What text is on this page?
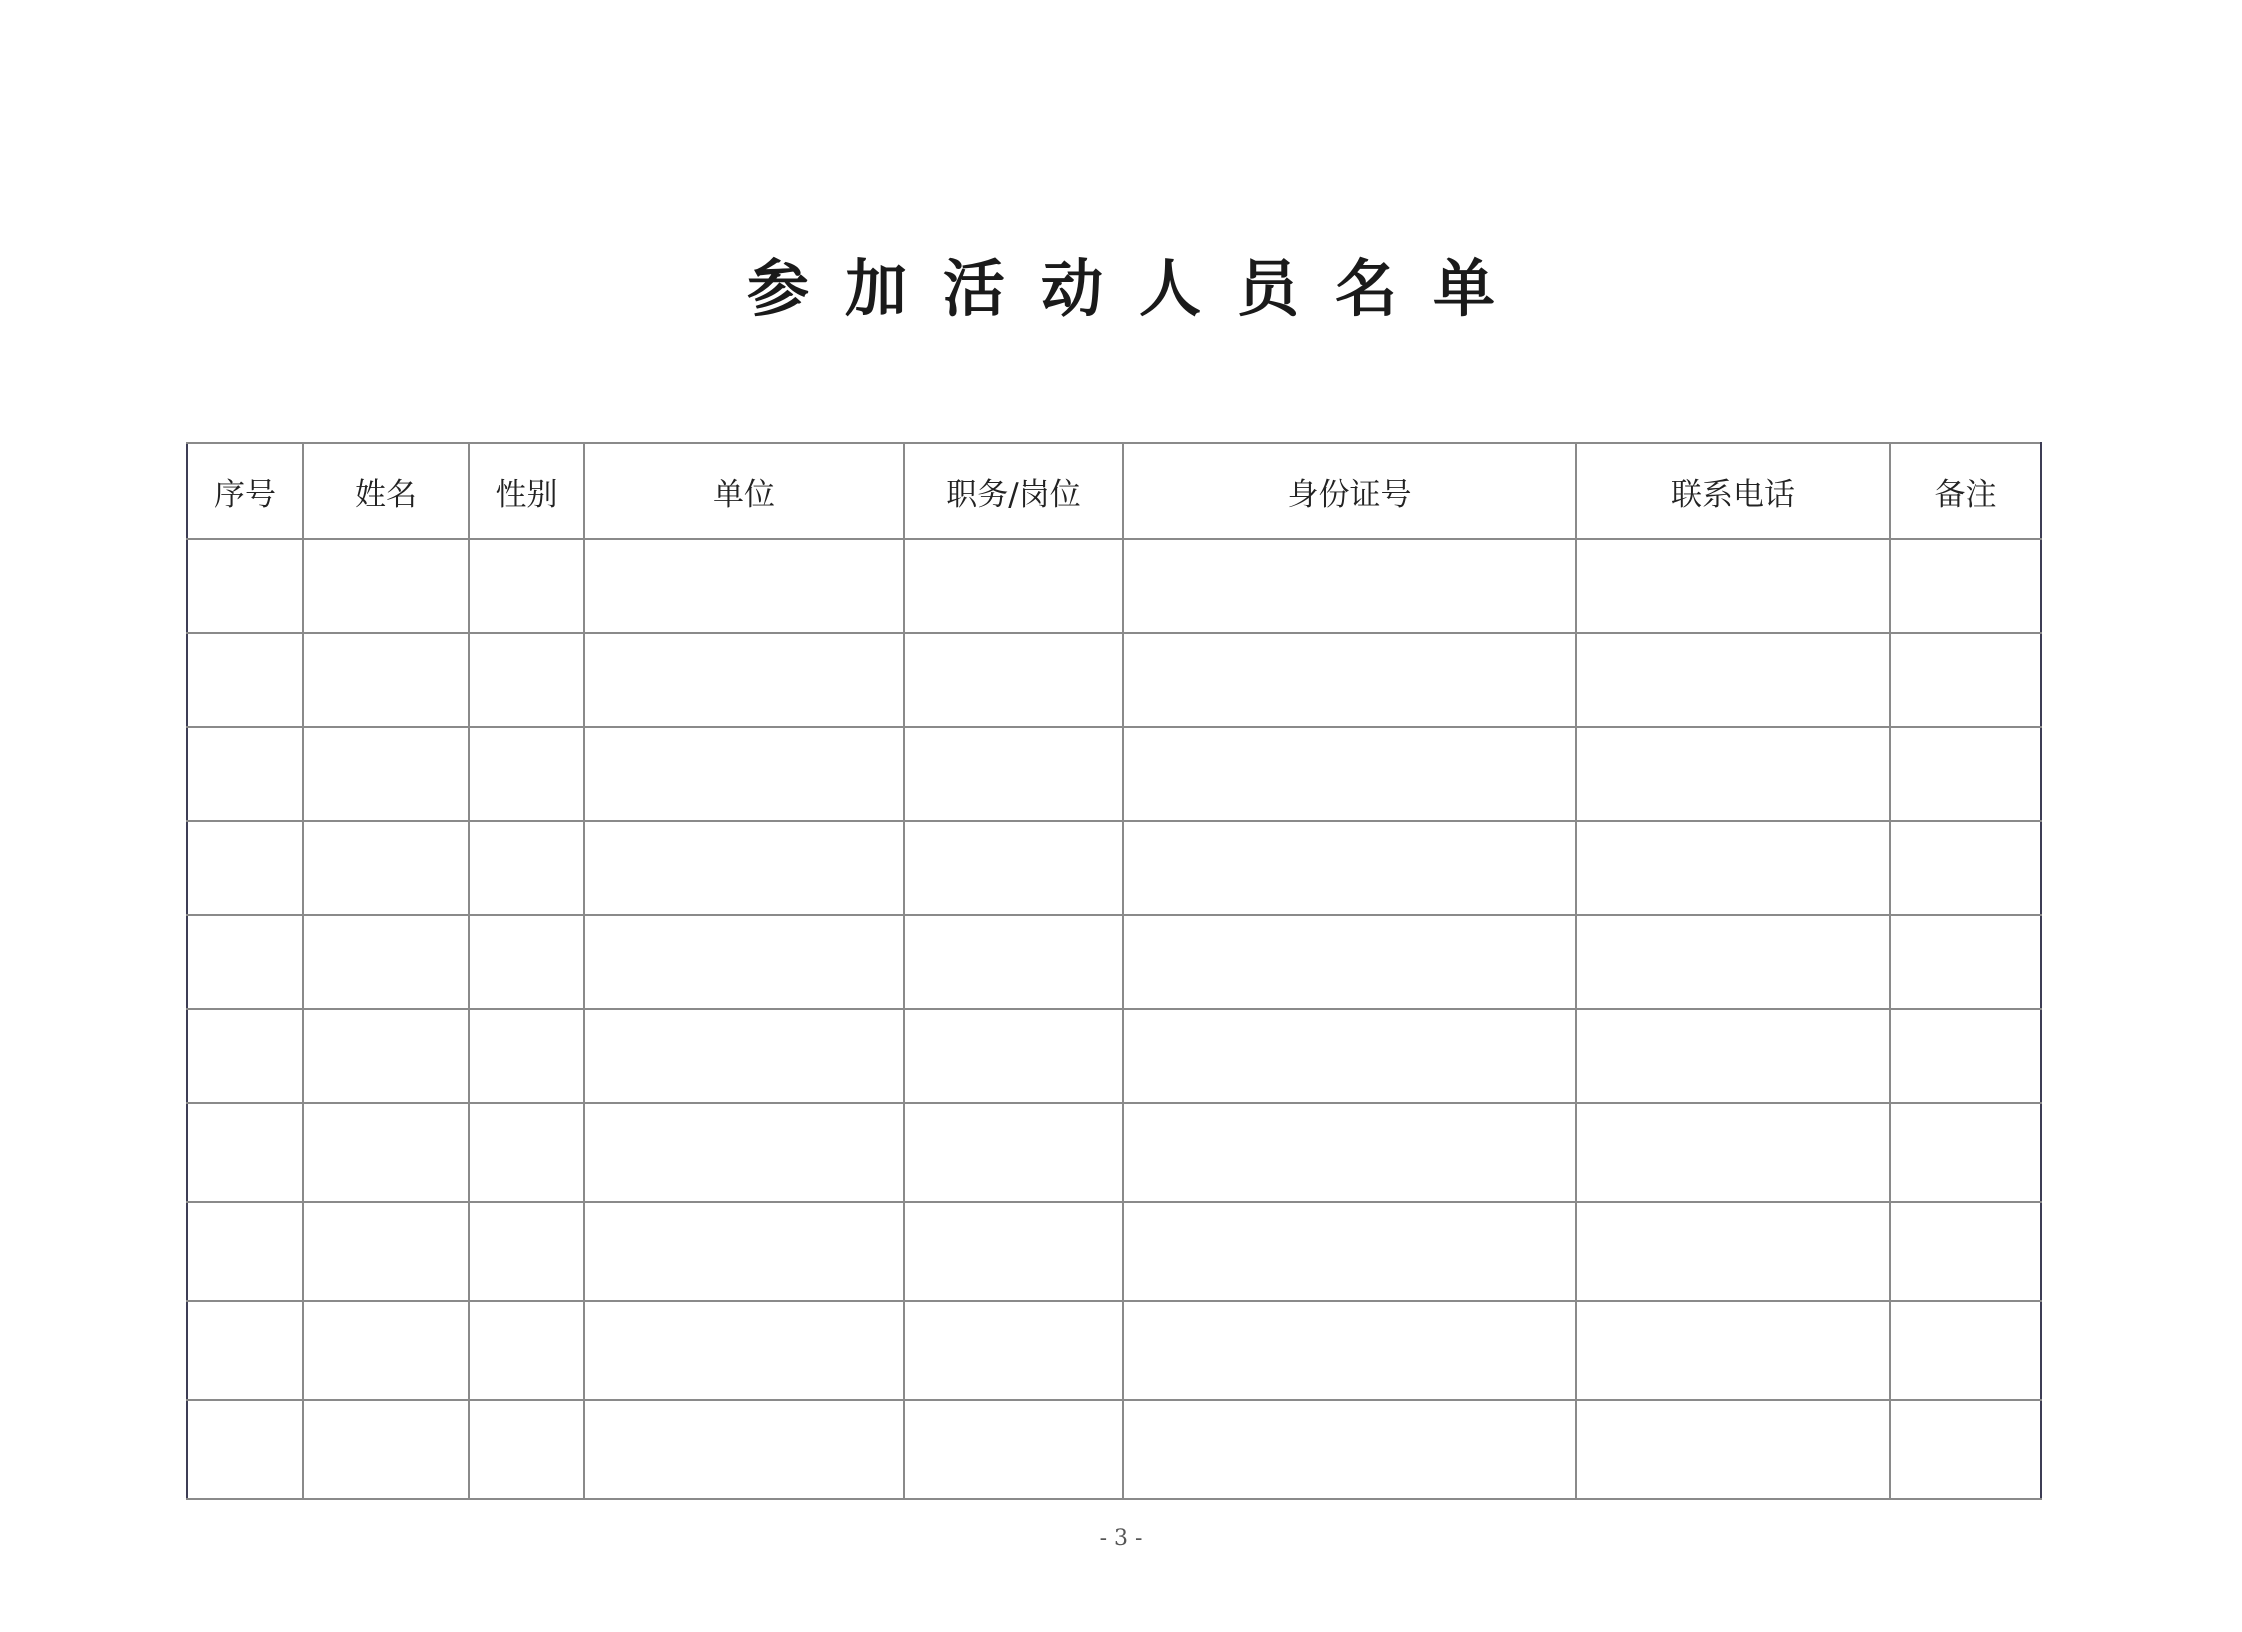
参加活动人员名单
序号	姓名	性别	单位	职务/岗位	身份证号	联系电话	备注

- 3 -
